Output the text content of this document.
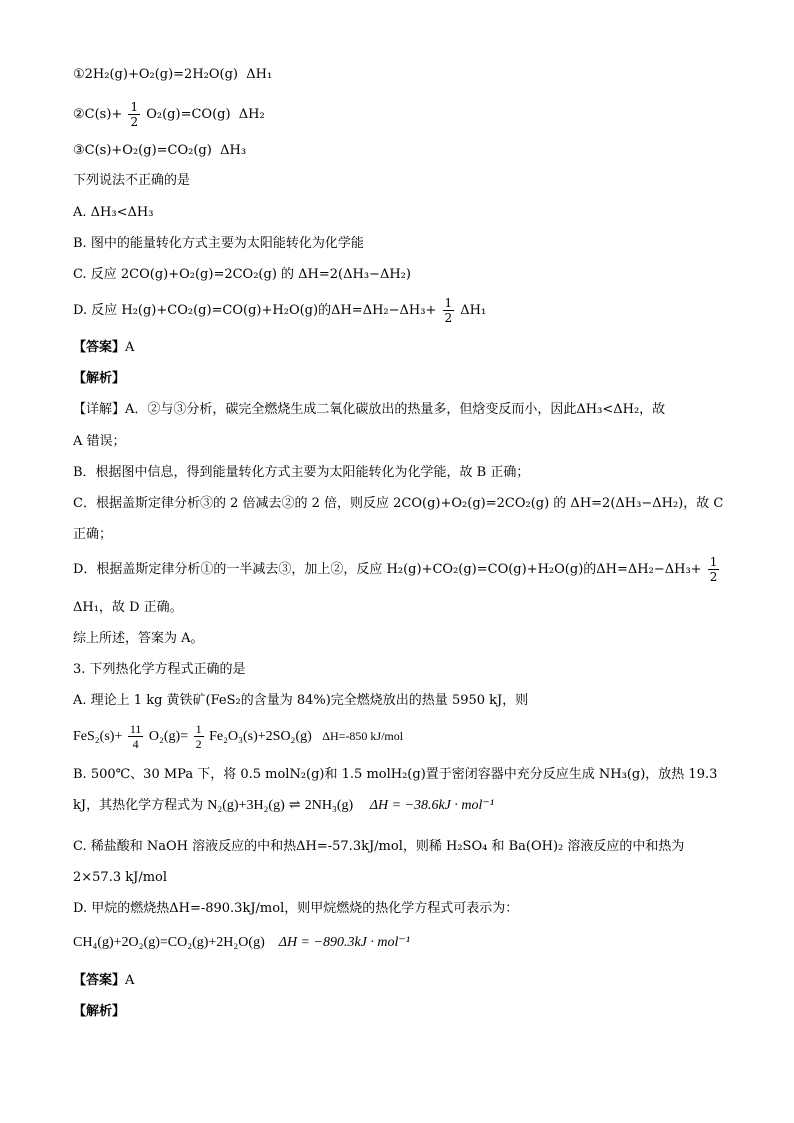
①2H₂(g)+O₂(g)=2H₂O(g) ΔH₁
②C(s)+ $\frac{1}{2} O_2(g)=CO(g)$ ΔH₂
③C(s)+O₂(g)=CO₂(g) ΔH₃
下列说法不正确的是
A. ΔH₃<ΔH₃
B. 图中的能量转化方式主要为太阳能转化为化学能
C. 反应 2CO(g)+O₂(g)=2CO₂(g) 的 ΔH=2(ΔH₃−ΔH₂)
D. 反应 H₂(g)+CO₂(g)=CO(g)+H₂O(g)的$\Delta H=\Delta H_2-\Delta H_3+ \frac{1}{2} \Delta H_1$
【答案】A
【解析】
【详解】A．②与③分析，碳完全燃烧生成二氧化碳放出的热量多，但焓变反而小，因此ΔH₃<ΔH₂，故
A 错误；
B．根据图中信息，得到能量转化方式主要为太阳能转化为化学能，故 B 正确；
C．根据盖斯定律分析③的 2 倍减去②的 2 倍，则反应 2CO(g)+O₂(g)=2CO₂(g) 的 ΔH=2(ΔH₃−ΔH₂)，故 C
正确；
D．根据盖斯定律分析①的一半减去③，加上②，反应 H₂(g)+CO₂(g)=CO(g)+H₂O(g)的$\Delta H=\Delta H_2-\Delta H_3+ \frac{1}{2}$
ΔH₁，故 D 正确。
综上所述，答案为 A。
3. 下列热化学方程式正确的是
A. 理论上 1 kg 黄铁矿(FeS₂的含量为 84%)完全燃烧放出的热量 5950 kJ，则
$FeS_2(s)+ \frac{11}{4} O_2(g)= \frac{1}{2} Fe_2O_3(s)+2SO_2(g)$ ΔH=-850 kJ/mol
B. 500℃、30 MPa 下，将 0.5 molN₂(g)和 1.5 molH₂(g)置于密闭容器中充分反应生成 NH₃(g)，放热 19.3
kJ，其热化学方程式为 N₂(g)+3H₂(g) ⇌ 2NH₃(g) ΔH = −38.6kJ · mol⁻¹
C. 稀盐酸和 NaOH 溶液反应的中和热ΔH=-57.3kJ/mol，则稀 H₂SO₄ 和 Ba(OH)₂ 溶液反应的中和热为
2×57.3 kJ/mol
D. 甲烷的燃烧热ΔH=-890.3kJ/mol，则甲烷燃烧的热化学方程式可表示为：
CH₄(g)+2O₂(g)=CO₂(g)+2H₂O(g) ΔH = −890.3kJ · mol⁻¹
【答案】A
【解析】
